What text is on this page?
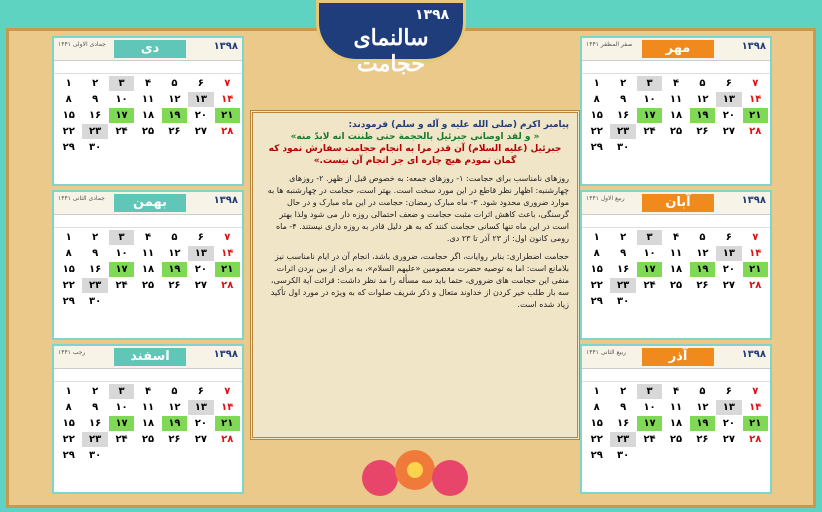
۱۳۹۸
سالنمای حجامت
صفر المظفر ۱۴۴۱	مهر	۱۳۹۸
۱	۲	۳	۴	۵	۶	۷
۸	۹	۱۰	۱۱	۱۲	۱۳	۱۴
۱۵	۱۶	۱۷	۱۸	۱۹	۲۰	۲۱
۲۲	۲۳	۲۴	۲۵	۲۶	۲۷	۲۸
۲۹	۳۰
ربیع الاول ۱۴۴۱	آبان	۱۳۹۸
۱	۲	۳	۴	۵	۶	۷
۸	۹	۱۰	۱۱	۱۲	۱۳	۱۴
۱۵	۱۶	۱۷	۱۸	۱۹	۲۰	۲۱
۲۲	۲۳	۲۴	۲۵	۲۶	۲۷	۲۸
۲۹	۳۰
ربیع الثانی ۱۴۴۱	آذر	۱۳۹۸
۱	۲	۳	۴	۵	۶	۷
۸	۹	۱۰	۱۱	۱۲	۱۳	۱۴
۱۵	۱۶	۱۷	۱۸	۱۹	۲۰	۲۱
۲۲	۲۳	۲۴	۲۵	۲۶	۲۷	۲۸
۲۹	۳۰
جمادی الاولی ۱۴۴۱	دی	۱۳۹۸
۱	۲	۳	۴	۵	۶	۷
۸	۹	۱۰	۱۱	۱۲	۱۳	۱۴
۱۵	۱۶	۱۷	۱۸	۱۹	۲۰	۲۱
۲۲	۲۳	۲۴	۲۵	۲۶	۲۷	۲۸
۲۹	۳۰
جمادی الثانی ۱۴۴۱	بهمن	۱۳۹۸
۱	۲	۳	۴	۵	۶	۷
۸	۹	۱۰	۱۱	۱۲	۱۳	۱۴
۱۵	۱۶	۱۷	۱۸	۱۹	۲۰	۲۱
۲۲	۲۳	۲۴	۲۵	۲۶	۲۷	۲۸
۲۹	۳۰
رجب ۱۴۴۱	اسفند	۱۳۹۸
۱	۲	۳	۴	۵	۶	۷
۸	۹	۱۰	۱۱	۱۲	۱۳	۱۴
۱۵	۱۶	۱۷	۱۸	۱۹	۲۰	۲۱
۲۲	۲۳	۲۴	۲۵	۲۶	۲۷	۲۸
۲۹	۳۰
پیامبر اکرم (صلی الله علیه و آله و سلم) فرمودند:
« و لقد اوصانی جبرئیل بالحجمة حتی ظننت انه لابدّ منه»
جبرئیل (علیه السلام) آن قدر مرا به انجام حجامت سفارش نمود که گمان نمودم هیچ چاره ای جز انجام آن نیست.»
روزهای نامناسب برای حجامت: ۱- روزهای جمعه: به خصوص قبل از ظهر. ۲- روزهای چهارشنبه: اظهار نظر قاطع در این مورد سخت است. بهتر است، حجامت در چهارشنبه ها به موارد ضروری محدود شود. ۳- ماه مبارک رمضان: حجامت در این ماه مبارک و در حال گرسنگی، باعث کاهش اثرات مثبت حجامت و ضعف احتمالی روزه دار می شود ولذا بهتر است در این ماه تنها کسانی حجامت کنند که به هر دلیل قادر به روزه داری نیستند. ۴- ماه رومی کانون اول: از ۲۳ آذر تا ۲۳ دی.
حجامت اضطراری: بنابر روایات، اگر حجامت، ضروری باشد، انجام آن در ایام نامناسب نیز بلامانع است: اما به توصیه حضرت معصومین «علیهم السلام»، به برای از بین بردن اثرات منفی این حجامت های ضروری، حتما باید سه مسأله را مد نظر داشت: قرائت آیة الکرسی، سه بار طلب خیر کردن از خداوند متعال و ذکر شریف صلوات که به ویژه در مورد اول تأکید زیاد شده است.
